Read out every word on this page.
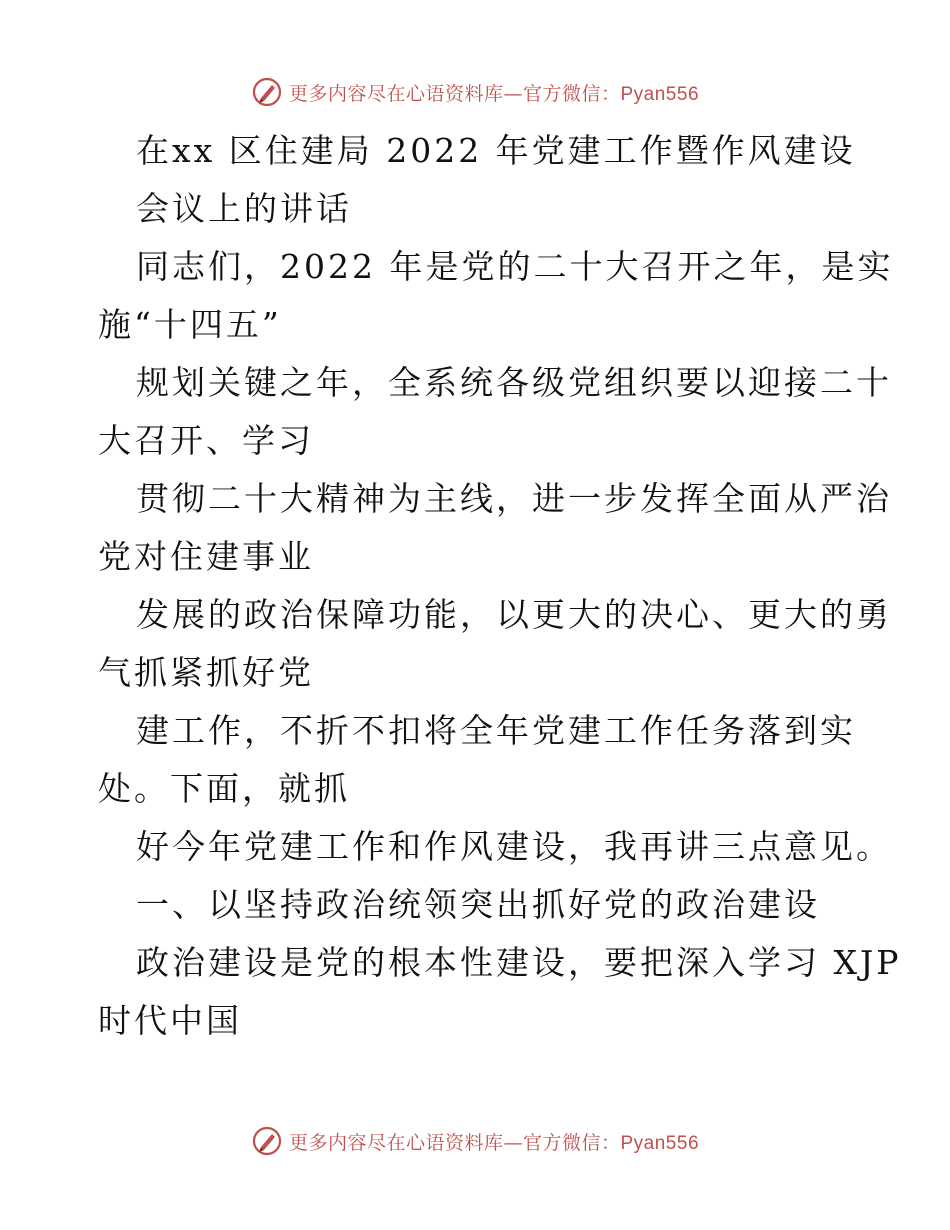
更多内容尽在心语资料库—官方微信：Pyan556
在xx 区住建局 2022 年党建工作暨作风建设
会议上的讲话
同志们，2022 年是党的二十大召开之年，是实
施“十四五”
规划关键之年，全系统各级党组织要以迎接二十
大召开、学习
贯彻二十大精神为主线，进一步发挥全面从严治
党对住建事业
发展的政治保障功能，以更大的决心、更大的勇
气抓紧抓好党
建工作，不折不扣将全年党建工作任务落到实
处。下面，就抓
好今年党建工作和作风建设，我再讲三点意见。
一、以坚持政治统领突出抓好党的政治建设
政治建设是党的根本性建设，要把深入学习 XJP
时代中国
更多内容尽在心语资料库—官方微信：Pyan556
